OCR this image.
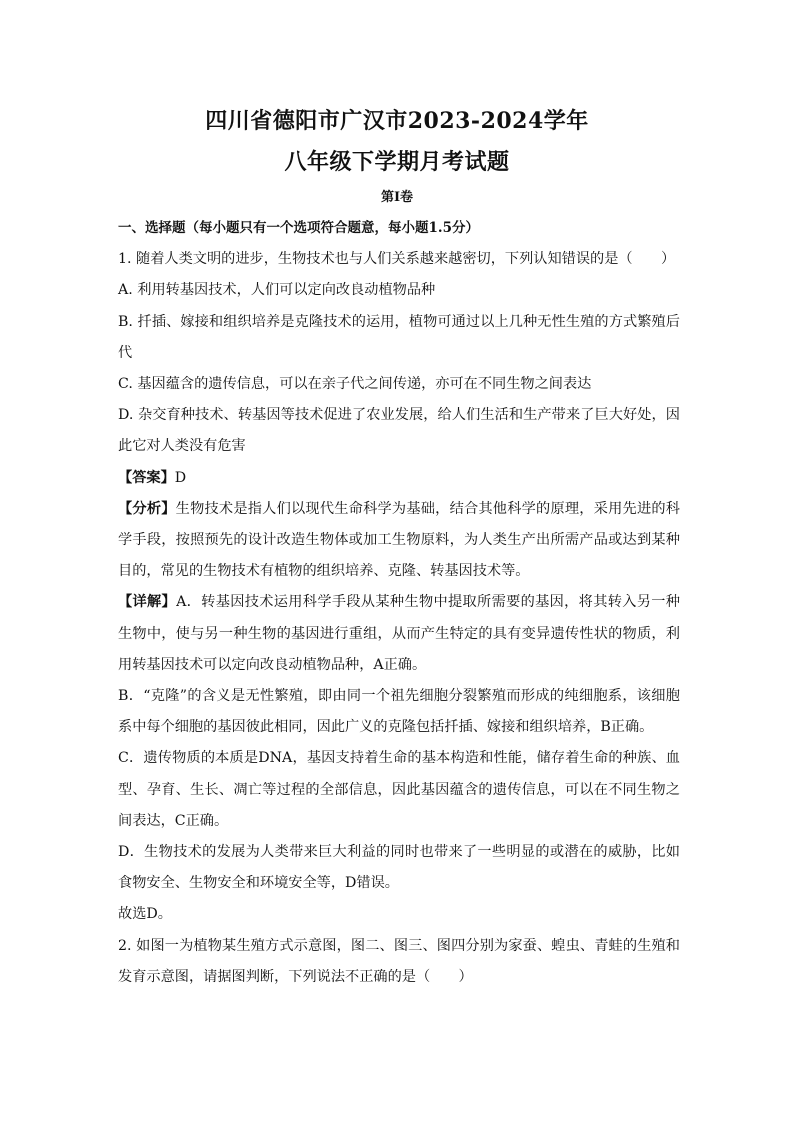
四川省德阳市广汉市2023-2024学年
八年级下学期月考试题
第I卷

一、选择题（每小题只有一个选项符合题意，每小题1.5分）

1. 随着人类文明的进步，生物技术也与人们关系越来越密切，下列认知错误的是（　　）

A. 利用转基因技术，人们可以定向改良动植物品种

B. 扦插、嫁接和组织培养是克隆技术的运用，植物可通过以上几种无性生殖的方式繁殖后代

C. 基因蕴含的遗传信息，可以在亲子代之间传递，亦可在不同生物之间表达

D. 杂交育种技术、转基因等技术促进了农业发展，给人们生活和生产带来了巨大好处，因此它对人类没有危害

【答案】D

【分析】生物技术是指人们以现代生命科学为基础，结合其他科学的原理，采用先进的科学手段，按照预先的设计改造生物体或加工生物原料，为人类生产出所需产品或达到某种目的，常见的生物技术有植物的组织培养、克隆、转基因技术等。

【详解】A．转基因技术运用科学手段从某种生物中提取所需要的基因，将其转入另一种生物中，使与另一种生物的基因进行重组，从而产生特定的具有变异遗传性状的物质，利用转基因技术可以定向改良动植物品种，A正确。

B．“克隆”的含义是无性繁殖，即由同一个祖先细胞分裂繁殖而形成的纯细胞系，该细胞系中每个细胞的基因彼此相同，因此广义的克隆包括扦插、嫁接和组织培养，B正确。

C．遗传物质的本质是DNA，基因支持着生命的基本构造和性能，储存着生命的种族、血型、孕育、生长、凋亡等过程的全部信息，因此基因蕴含的遗传信息，可以在不同生物之间表达，C正确。

D．生物技术的发展为人类带来巨大利益的同时也带来了一些明显的或潜在的威胁，比如食物安全、生物安全和环境安全等，D错误。

故选D。

2. 如图一为植物某生殖方式示意图，图二、图三、图四分别为家蚕、蝗虫、青蛙的生殖和发育示意图，请据图判断，下列说法不正确的是（　　）
